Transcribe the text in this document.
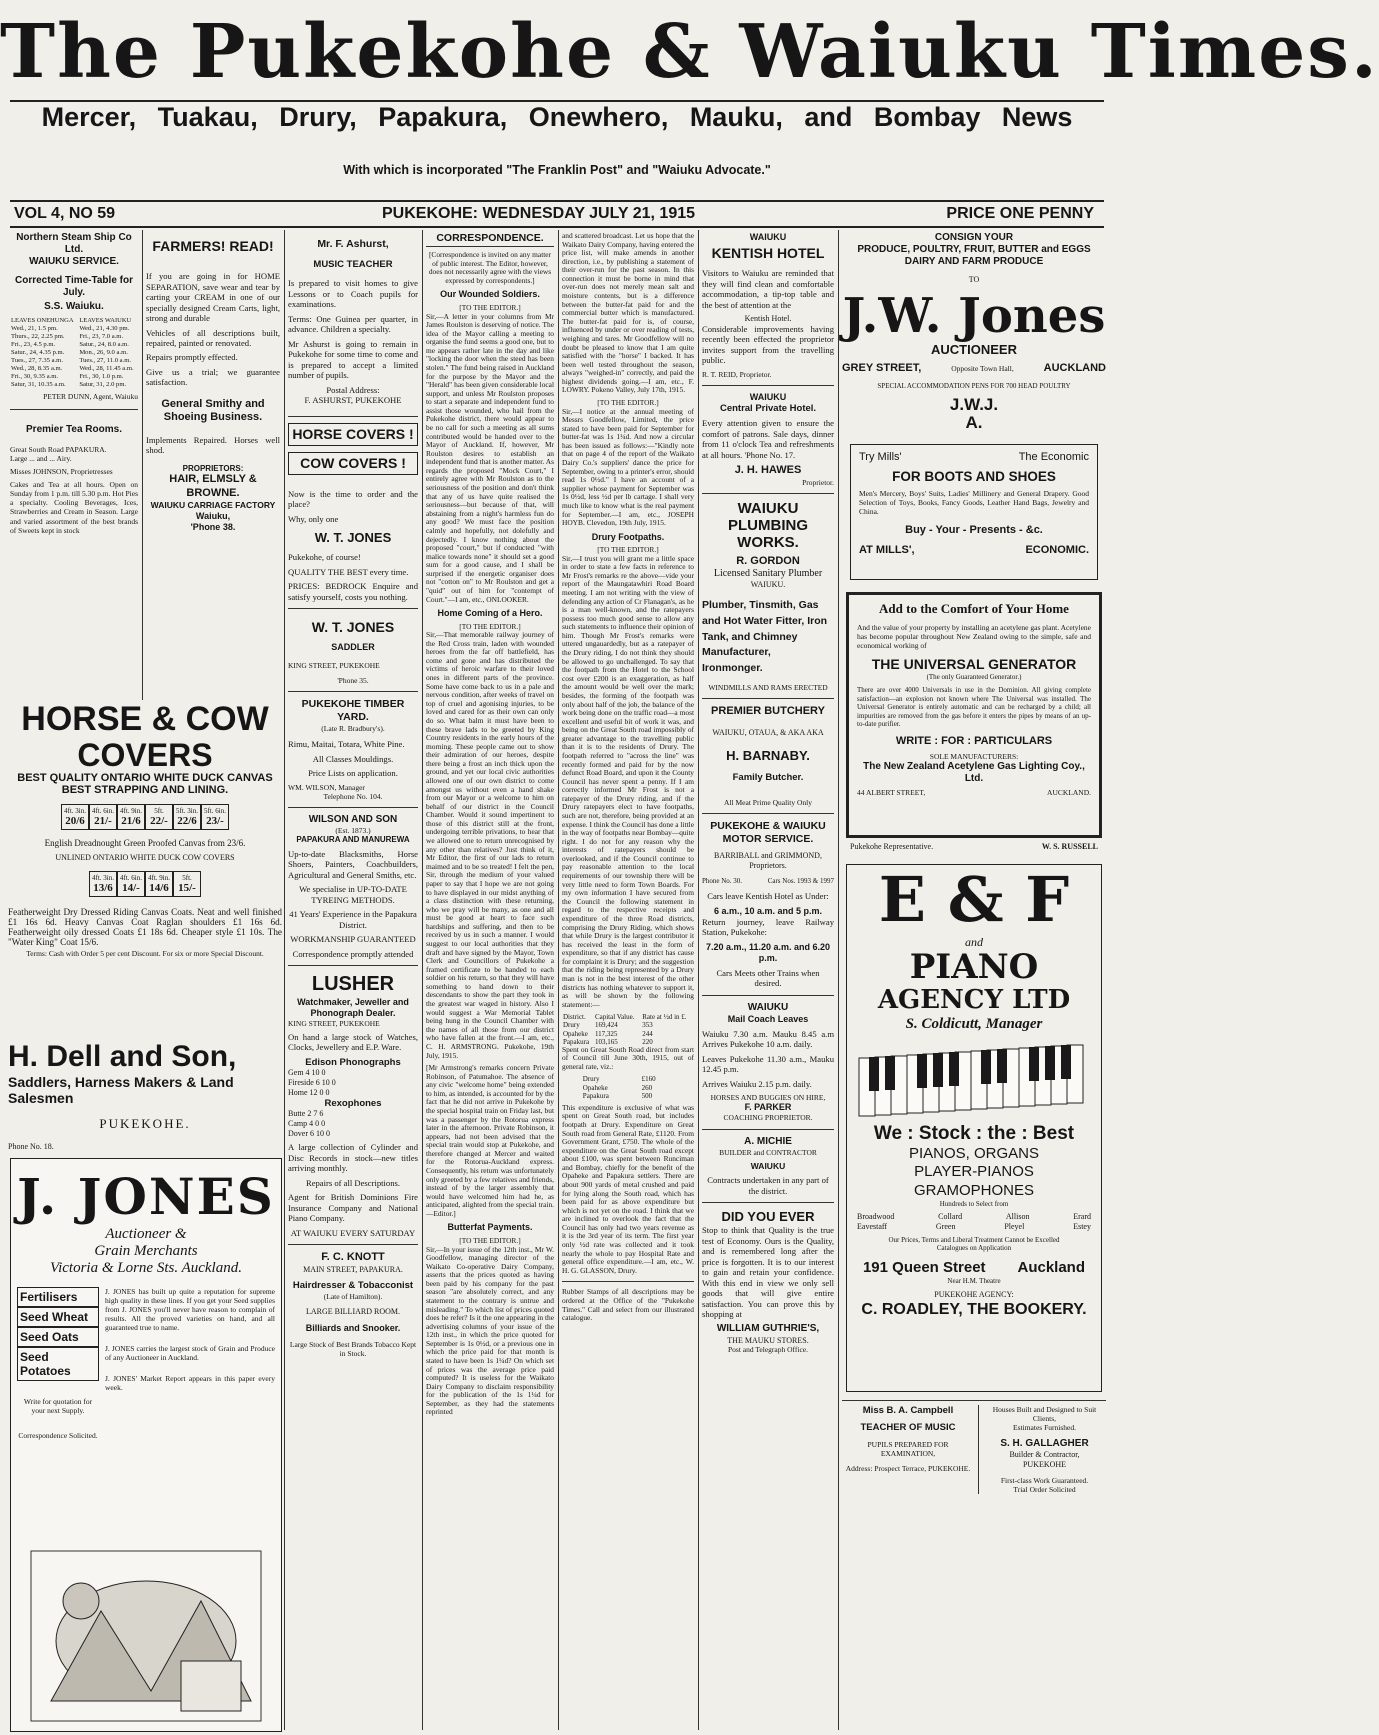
The Pukekohe & Waiuku Times.
Mercer, Tuakau, Drury, Papakura, Onewhero, Mauku, and Bombay News
With which is incorporated "The Franklin Post" and "Waiuku Advocate."
VOL 4, NO 59	PUKEKOHE: WEDNESDAY JULY 21, 1915	PRICE ONE PENNY
Northern Steam Ship Co Ltd.
WAIUKU SERVICE.
Corrected Time-Table for July.
S.S. Waiuku.
LEAVES ONEHUNGA	LEAVES WAIUKU
Wed., 21, 1.5 pm.	Wed., 21, 4.30 pm.
Thurs., 22, 2.25 pm.	Fri., 23, 7.0 a.m.
Fri., 23, 4.5 p.m.	Satur., 24, 8.0 a.m.
Satur., 24, 4.35 p.m.	Mon., 26, 9.0 a.m.
Tues., 27, 7.35 a.m.	Tues., 27, 11.0 a.m.
Wed., 28, 8.35 a.m.	Wed., 28, 11.45 a.m.
Fri., 30, 9.35 a.m.	Fri., 30, 1.0 p.m.
Satur, 31, 10.35 a.m.	Satur, 31, 2.0 pm.
PETER DUNN, Agent, Waiuku
Premier Tea Rooms.
Great South Road PAPAKURA.
Large ... and ... Airy.
Misses JOHNSON, Proprietresses
Cakes and Tea at all hours. Open on Sunday from 1 p.m. till 5.30 p.m. Hot Pies a specialty. Cooling Beverages, Ices, Strawberries and Cream in Season. Large and varied assortment of the best brands of Sweets kept in stock
FARMERS! READ!

If you are going in for HOME SEPARATION, save wear and tear by carting your CREAM in one of our specially designed Cream Carts, light, strong and durable

Vehicles of all descriptions built, repaired, painted or renovated.

Repairs promptly effected.

Give us a trial; we guarantee satisfaction.

General Smithy and Shoeing Business.

Implements Repaired. Horses well shod.

PROPRIETORS:
HAIR, ELMSLY & BROWNE.
WAIUKU CARRIAGE FACTORY
Waiuku,
'Phone 38.
HORSE & COW
COVERS
BEST QUALITY ONTARIO WHITE DUCK CANVAS
BEST STRAPPING AND LINING.
4ft. 3in.
20/6
4ft. 6in.
21/-
4ft. 9in.
21/6
5ft.
22/-
5ft. 3in.
22/6
5ft. 6in.
23/-
English Dreadnought Green Proofed Canvas from 23/6.
UNLINED ONTARIO WHITE DUCK COW COVERS
4ft. 3in.
13/6
4ft. 6in.
14/-
4ft. 9in.
14/6
5ft.
15/-
Featherweight Dry Dressed Riding Canvas Coats. Neat and well finished £1 16s 6d. Heavy Canvas Coat Raglan shoulders £1 16s 6d. Featherweight oily dressed Coats £1 18s 6d. Cheaper style £1 10s. The "Water King" Coat 15/6.
Terms: Cash with Order 5 per cent Discount. For six or more Special Discount.
H. Dell and Son,
Saddlers, Harness Makers & Land Salesmen
PUKEKOHE.
Phone No. 18.
J. JONES
Auctioneer &
Grain Merchants
Victoria & Lorne Sts. Auckland.
Fertilisers
Seed Wheat
Seed Oats
Seed Potatoes
Write for quotation for your next Supply.
Correspondence Solicited.
J. JONES has built up quite a reputation for supreme high quality in these lines. If you get your Seed supplies from J. JONES you'll never have reason to complain of results. All the proved varieties on hand, and all guaranteed true to name.
J. JONES carries the largest stock of Grain and Produce of any Auctioneer in Auckland.
J. JONES' Market Report appears in this paper every week.
Mr. F. Ashurst,
MUSIC TEACHER

Is prepared to visit homes to give Lessons or to Coach pupils for examinations.

Terms: One Guinea per quarter, in advance. Children a specialty.

Mr Ashurst is going to remain in Pukekohe for some time to come and is prepared to accept a limited number of pupils.

Postal Address:
F. ASHURST, PUKEKOHE
HORSE COVERS !
COW COVERS !

Now is the time to order and the place?

Why, only one

W. T. JONES

Pukekohe, of course!

QUALITY THE BEST every time.

PRICES: BEDROCK Enquire and satisfy yourself, costs you nothing.

W. T. JONES
SADDLER
KING STREET, PUKEKOHE
'Phone 35.
PUKEKOHE TIMBER YARD.
(Late R. Bradbury's).

Rimu, Maitai, Totara, White Pine.

All Classes Mouldings.

Price Lists on application.

WM. WILSON, Manager
Telephone No. 104.
WILSON AND SON
(Est. 1873.)
PAPAKURA AND MANUREWA

Up-to-date Blacksmiths, Horse Shoers, Painters, Coachbuilders, Agricultural and General Smiths, etc.

We specialise in UP-TO-DATE TYREING METHODS.

41 Years' Experience in the Papakura District.

WORKMANSHIP GUARANTEED

Correspondence promptly attended

LUSHER
Watchmaker, Jeweller and Phonograph Dealer.
KING STREET, PUKEKOHE

On hand a large stock of Watches, Clocks, Jewellery and E.P. Ware.

Edison Phonographs
Gem 4 10 0
Fireside 6 10 0
Home 12 0 0
Rexophones
Butte 2 7 6
Camp 4 0 0
Dover 6 10 0

A large collection of Cylinder and Disc Records in stock—new titles arriving monthly.

Repairs of all Descriptions.

Agent for British Dominions Fire Insurance Company and National Piano Company.

AT WAIUKU EVERY SATURDAY

F. C. KNOTT
MAIN STREET, PAPAKURA.
Hairdresser & Tobacconist
(Late of Hamilton).
LARGE BILLIARD ROOM.
Billiards and Snooker.
Large Stock of Best Brands Tobacco Kept in Stock.
CORRESPONDENCE.

[Correspondence is invited on any matter of public interest. The Editor, however, does not necessarily agree with the views expressed by correspondents.]

Our Wounded Soldiers.
[TO THE EDITOR.]

Sir,—A letter in your columns from Mr James Roulston is deserving of notice. The idea of the Mayor calling a meeting to organise the fund seems a good one, but to me appears rather late in the day and like "locking the door when the steed has been stolen." The fund being raised in Auckland for the purpose by the Mayor and the "Herald" has been given considerable local support, and unless Mr Roulston proposes to start a separate and independent fund to assist those wounded, who hail from the Pukekohe district, there would appear to be no call for such a meeting as all sums contributed would be handed over to the Mayor of Auckland. If, however, Mr Roulston desires to establish an independent fund that is another matter. As regards the proposed "Mock Court," I entirely agree with Mr Roulston as to the seriousness of the position and don't think that any of us have quite realised the seriousness—but because of that, will abstaining from a night's harmless fun do any good? We must face the position calmly and hopefully, not dolefully and dejectedly. I know nothing about the proposed "court," but if conducted "with malice towards none" it should set a good sum for a good cause, and I shall be surprised if the energetic organiser does not "cotton on" to Mr Roulston and get a "quid" out of him for "contempt of Court."—I am, etc., ONLOOKER.

Home Coming of a Hero.
[TO THE EDITOR.]

Sir,—That memorable railway journey of the Red Cross train, laden with wounded heroes from the far off battlefield, has come and gone and has distributed the victims of heroic warfare to their loved ones in different parts of the province. Some have come back to us in a pale and nervous condition, after weeks of travel on top of cruel and agonising injuries, to be loved and cared for as their own can only do so. What balm it must have been to these brave lads to be greeted by King Country residents in the early hours of the morning. These people came out to show their admiration of our heroes, despite there being a frost an inch thick upon the ground, and yet our local civic authorities allowed one of our own district to come amongst us without even a hand shake from our Mayor or a welcome to him on behalf of our district in the Council Chamber. Would it sound impertinent to those of this district still at the front, undergoing terrible privations, to hear that we allowed one to return unrecognised by any other than relatives? Just think of it, Mr Editor, the first of our lads to return maimed and to be so treated! I felt the pen, Sir, through the medium of your valued paper to say that I hope we are not going to have displayed in our midst anything of a class distinction with these returning, who we pray will be many, as one and all must be good at heart to face such hardships and suffering, and then to be received by us in such a manner. I would suggest to our local authorities that they draft and have signed by the Mayor, Town Clerk and Councillors of Pukekohe a framed certificate to be handed to each soldier on his return, so that they will have something to hand down to their descendants to show the part they took in the greatest war waged in history. Also I would suggest a War Memorial Tablet being hung in the Council Chamber with the names of all those from our district who have fallen at the front.—I am, etc., C. H. ARMSTRONG. Pukekohe, 19th July, 1915.

[Mr Armstrong's remarks concern Private Robinson, of Patumahoe. The absence of any civic "welcome home" being extended to him, as intended, is accounted for by the fact that he did not arrive in Pukekohe by the special hospital train on Friday last, but was a passenger by the Rotorua express later in the afternoon. Private Robinson, it appears, had not been advised that the special train would stop at Pukekohe, and therefore changed at Mercer and waited for the Rotorua-Auckland express. Consequently, his return was unfortunately only greeted by a few relatives and friends, instead of by the larger assembly that would have welcomed him had he, as anticipated, alighted from the special train.—Editor.]

Butterfat Payments.
[TO THE EDITOR.]

Sir,—In your issue of the 12th inst., Mr W. Goodfellow, managing director of the Waikato Co-operative Dairy Company, asserts that the prices quoted as having been paid by his company for the past season "are absolutely correct, and any statement to the contrary is untrue and misleading." To which list of prices quoted does he refer? Is it the one appearing in the advertising columns of your issue of the 12th inst., in which the price quoted for September is 1s 0½d, or a previous one in which the price paid for that month is stated to have been 1s 1¼d? On which set of prices was the average price paid computed? It is useless for the Waikato Dairy Company to disclaim responsibility for the publication of the 1s 1¼d for September, as they had the statements reprinted

and scattered broadcast. Let us hope that the Waikato Dairy Company, having entered the price list, will make amends in another direction, i.e., by publishing a statement of their over-run for the past season. In this connection it must be borne in mind that over-run does not merely mean salt and moisture contents, but is a difference between the butter-fat paid for and the commercial butter which is manufactured. The butter-fat paid for is, of course, influenced by under or over reading of tests, weighing and tares. Mr Goodfellow will no doubt be pleased to know that I am quite satisfied with the "horse" I backed. It has been well tested throughout the season, always "weighed-in" correctly, and paid the highest dividends going.—I am, etc., F. LOWRY. Pokeno Valley, July 17th, 1915.

[TO THE EDITOR.]

Sir,—I notice at the annual meeting of Messrs Goodfellow, Limited, the price stated to have been paid for September for butter-fat was 1s 1¼d. And now a circular has been issued as follows:—"Kindly note that on page 4 of the report of the Waikato Dairy Co.'s suppliers' dance the price for September, owing to a printer's error, should read 1s 0½d." I have an account of a supplier whose payment for September was 1s 0½d, less ½d per lb cartage. I shall very much like to know what is the real payment for September.—I am, etc., JOSEPH HOYB. Clevedon, 19th July, 1915.

Drury Footpaths.
[TO THE EDITOR.]

Sir,—I trust you will grant me a little space in order to state a few facts in reference to Mr Frost's remarks re the above—vide your report of the Maungatawhiri Road Board meeting. I am not writing with the view of defending any action of Cr Flanagan's, as he is a man well-known, and the ratepayers possess too much good sense to allow any such statements to influence their opinion of him. Though Mr Frost's remarks were uttered ungauardedly, but as a ratepayer of the Drury riding, I do not think they should be allowed to go unchallenged. To say that the footpath from the Hotel to the School cost over £200 is an exaggeration, as half the amount would be well over the mark; besides, the forming of the footpath was only about half of the job, the balance of the work being done on the traffic road—a most excellent and useful bit of work it was, and being on the Great South road impossibly of greater advantage to the travelling public than it is to the residents of Drury. The footpath referred to "across the line" was recently formed and paid for by the now defunct Road Board, and upon it the County Council has never spent a penny. If I am correctly informed Mr Frost is not a ratepayer of the Drury riding, and if the Drury ratepayers elect to have footpaths, such are not, therefore, being provided at an expense. I think the Council has done a little in the way of footpaths near Bombay—quite right. I do not for any reason why the interests of ratepayers should be overlooked, and if the Council continue to pay reasonable attention to the local requirements of our township there will be very little need to form Town Boards. For my own information I have secured from the Council the following statement in regard to the respective receipts and expenditure of the three Road districts, comprising the Drury Riding, which shows that while Drury is the largest contributor it has received the least in the form of expenditure, so that if any district has cause for complaint it is Drury; and the suggestion that the riding being represented by a Drury man is not in the best interest of the other districts has nothing whatever to support it, as will be shown by the following statement:—

District.	Capital Value.	Rate at ½d in £.
Drury	169,424	353
Opaheke	117,325	244
Papakura	103,165	220

Spent on Great South Road direct from start of Council till June 30th, 1915, out of general rate, viz.:

Drury	£160
Opaheke	260
Papakura	500

This expenditure is exclusive of what was spent on Great South road, but includes footpath at Drury. Expenditure on Great South road from General Rate, £1120. From Government Grant, £750. The whole of the expenditure on the Great South road except about £100, was spent between Runciman and Bombay, chiefly for the benefit of the Opaheke and Papakura settlers. There are about 900 yards of metal crushed and paid for lying along the South road, which has been paid for as above expenditure but which is not yet on the road. I think that we are inclined to overlook the fact that the Council has only had two years revenue as it is the 3rd year of its term. The first year only ½d rate was collected and it took nearly the whole to pay Hospital Rate and general office expenditure.—I am, etc., W. H. G. GLASSON, Drury.

Rubber Stamps of all descriptions may be ordered at the Office of the "Pukekohe Times." Call and select from our illustrated catalogue.

WAIUKU
KENTISH HOTEL

Visitors to Waiuku are reminded that they will find clean and comfortable accommodation, a tip-top table and the best of attention at the

Kentish Hotel.

Considerable improvements having recently been effected the proprietor invites support from the travelling public.

R. T. REID, Proprietor.
WAIUKU
Central Private Hotel.

Every attention given to ensure the comfort of patrons. Sale days, dinner from 11 o'clock Tea and refreshments at all hours. 'Phone No. 17.

J. H. HAWES
Proprietor.
WAIUKU PLUMBING WORKS.
R. GORDON
Licensed Sanitary Plumber
WAIUKU.
Plumber, Tinsmith, Gas and Hot Water Fitter, Iron Tank, and Chimney Manufacturer, Ironmonger.
WINDMILLS AND RAMS ERECTED
PREMIER BUTCHERY
WAIUKU, OTAUA, & AKA AKA
H. BARNABY.
Family Butcher.
All Meat Prime Quality Only
PUKEKOHE & WAIUKU MOTOR SERVICE.
BARRIBALL and GRIMMOND, Proprietors.
Phone No. 30.	Cars Nos. 1993 & 1997

Cars leave Kentish Hotel as Under:

6 a.m., 10 a.m. and 5 p.m.

Return journey, leave Railway Station, Pukekohe:

7.20 a.m., 11.20 a.m. and 6.20 p.m.

Cars Meets other Trains when desired.

WAIUKU
Mail Coach Leaves

Waiuku 7.30 a.m. Mauku 8.45 a.m Arrives Pukekohe 10 a.m. daily.

Leaves Pukekohe 11.30 a.m., Mauku 12.45 p.m.

Arrives Waiuku 2.15 p.m. daily.

HORSES AND BUGGIES ON HIRE,
F. PARKER
COACHING PROPRIETOR.
A. MICHIE
BUILDER and CONTRACTOR
WAIUKU

Contracts undertaken in any part of the district.

DID YOU EVER

Stop to think that Quality is the true test of Economy. Ours is the Quality, and is remembered long after the price is forgotten. It is to our interest to gain and retain your confidence. With this end in view we only sell goods that will give entire satisfaction. You can prove this by shopping at

WILLIAM GUTHRIE'S,
THE MAUKU STORES.
Post and Telegraph Office.
CONSIGN YOUR
PRODUCE, POULTRY, FRUIT, BUTTER and EGGS
DAIRY AND FARM PRODUCE
TO
J.W. Jones
AUCTIONEER
GREY STREET,	Opposite Town Hall,	AUCKLAND
SPECIAL ACCOMMODATION PENS FOR 700 HEAD POULTRY
J.W.J.
A.
Try Mills'	The Economic
FOR BOOTS AND SHOES
Men's Mercery, Boys' Suits, Ladies' Millinery and General Drapery. Good Selection of Toys, Books, Fancy Goods, Leather Hand Bags, Jewelry and China.
Buy - Your - Presents - &c.
AT MILLS',	ECONOMIC.
Add to the Comfort of Your Home
And the value of your property by installing an acetylene gas plant. Acetylene has become popular throughout New Zealand owing to the simple, safe and economical working of
THE UNIVERSAL GENERATOR
(The only Guaranteed Generator.)
There are over 4000 Universals in use in the Dominion. All giving complete satisfaction—an explosion not known where The Universal was installed. The Universal Generator is entirely automatic and can be recharged by a child; all impurities are removed from the gas before it enters the pipes by means of an up-to-date purifier.
WRITE : FOR : PARTICULARS
SOLE MANUFACTURERS:
The New Zealand Acetylene Gas Lighting Coy., Ltd.
44 ALBERT STREET,	AUCKLAND.
Pukekohe Representative.	W. S. RUSSELL
E & F
and
PIANO
AGENCY LTD
S. Coldicutt, Manager
We : Stock : the : Best
PIANOS, ORGANS
PLAYER-PIANOS
GRAMOPHONES
Hundreds to Select from
Broadwood	Collard	Allison	Erard
Eavestaff	Green	Pleyel	Estey
Our Prices, Terms and Liberal Treatment Cannot be Excelled
Catalogues on Application
191 Queen Street Auckland
Near H.M. Theatre
PUKEKOHE AGENCY:
C. ROADLEY, THE BOOKERY.
Miss B. A. Campbell
TEACHER OF MUSIC
PUPILS PREPARED FOR EXAMINATION,
Address: Prospect Terrace, PUKEKOHE.
Houses Built and Designed to Suit Clients,
Estimates Furnished.
S. H. GALLAGHER
Builder & Contractor,
PUKEKOHE
First-class Work Guaranteed.
Trial Order Solicited
